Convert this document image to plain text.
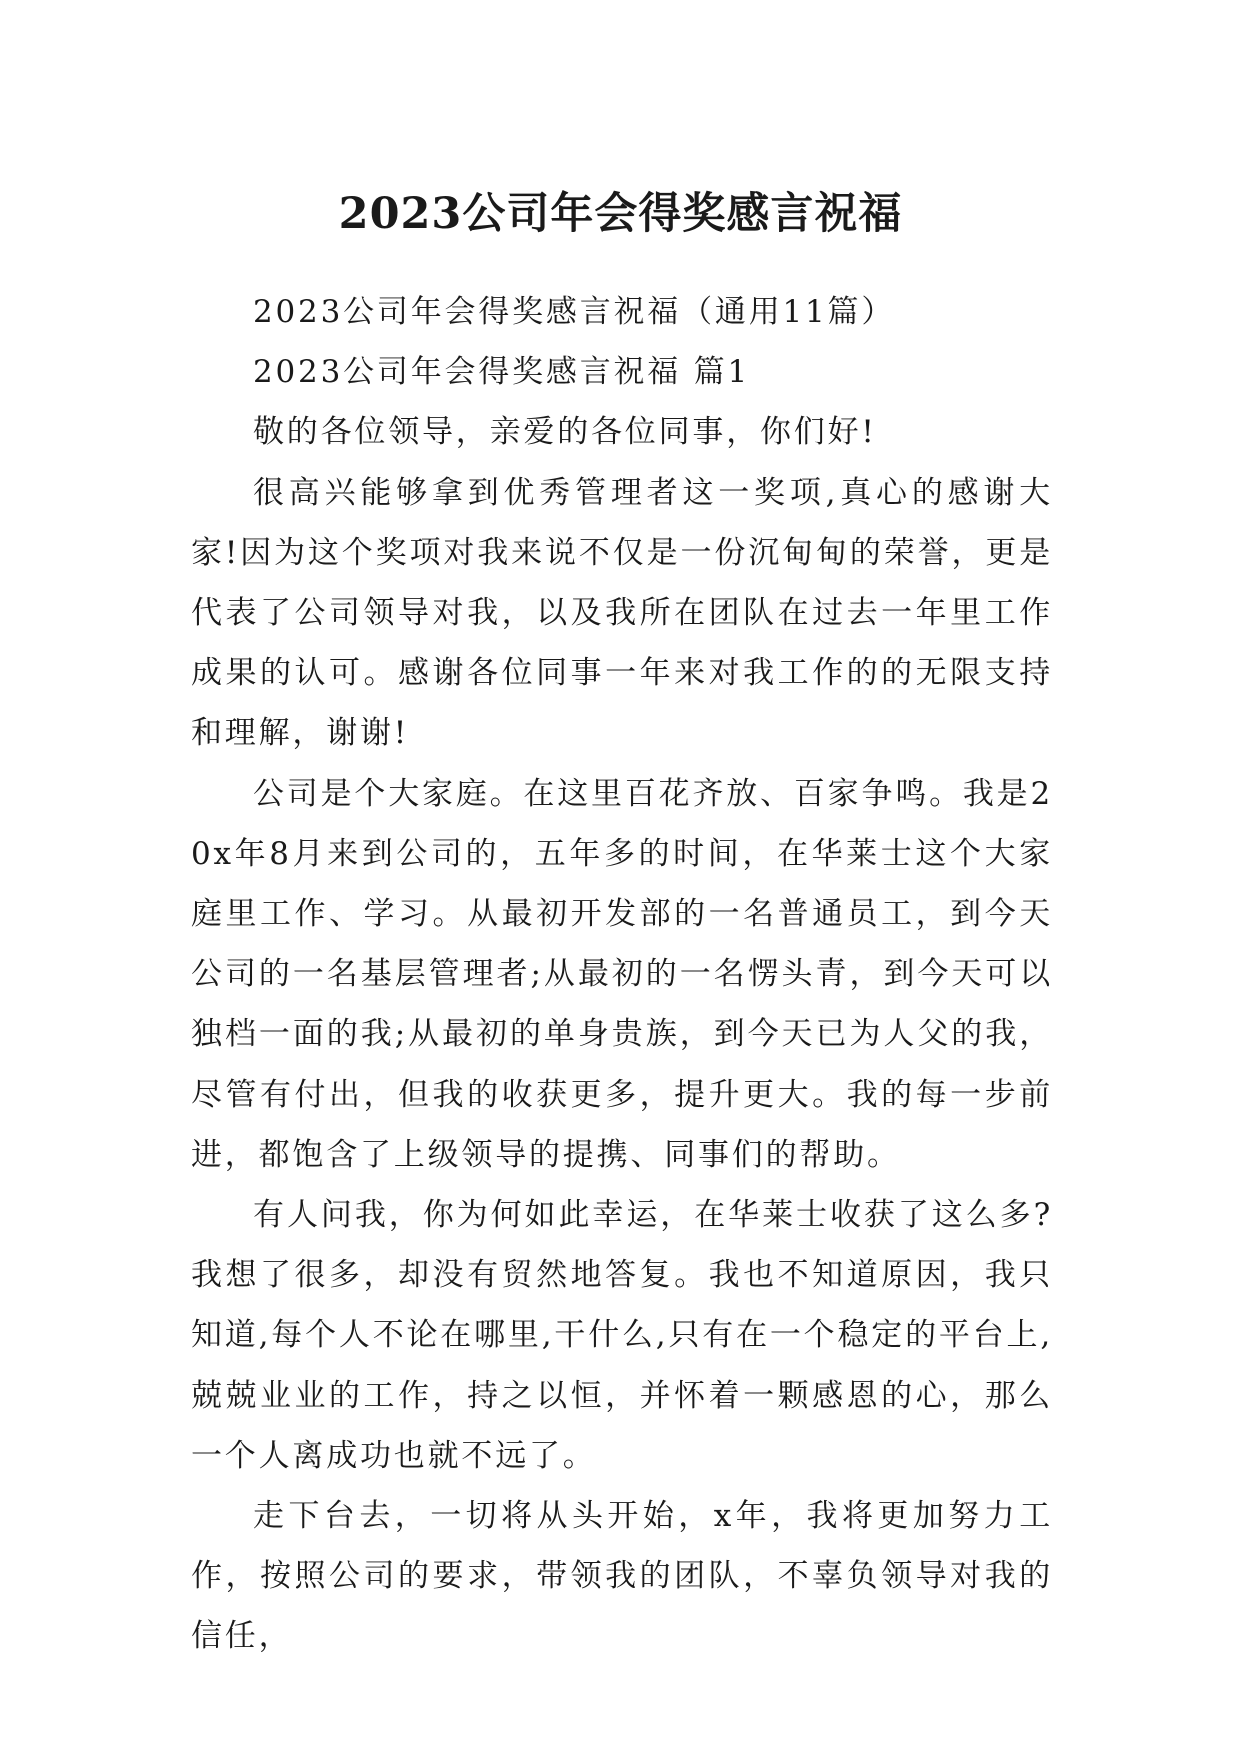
2023公司年会得奖感言祝福

2023公司年会得奖感言祝福（通用11篇）

2023公司年会得奖感言祝福 篇1

敬的各位领导，亲爱的各位同事，你们好!

很高兴能够拿到优秀管理者这一奖项,真心的感谢大家!因为这个奖项对我来说不仅是一份沉甸甸的荣誉，更是代表了公司领导对我，以及我所在团队在过去一年里工作成果的认可。感谢各位同事一年来对我工作的的无限支持和理解，谢谢!

公司是个大家庭。在这里百花齐放、百家争鸣。我是20x年8月来到公司的，五年多的时间，在华莱士这个大家庭里工作、学习。从最初开发部的一名普通员工，到今天公司的一名基层管理者;从最初的一名愣头青，到今天可以独档一面的我;从最初的单身贵族，到今天已为人父的我，尽管有付出，但我的收获更多，提升更大。我的每一步前进，都饱含了上级领导的提携、同事们的帮助。

有人问我，你为何如此幸运，在华莱士收获了这么多?我想了很多，却没有贸然地答复。我也不知道原因，我只知道,每个人不论在哪里,干什么,只有在一个稳定的平台上,兢兢业业的工作，持之以恒，并怀着一颗感恩的心，那么一个人离成功也就不远了。

走下台去，一切将从头开始，x年，我将更加努力工作，按照公司的要求，带领我的团队，不辜负领导对我的信任，
